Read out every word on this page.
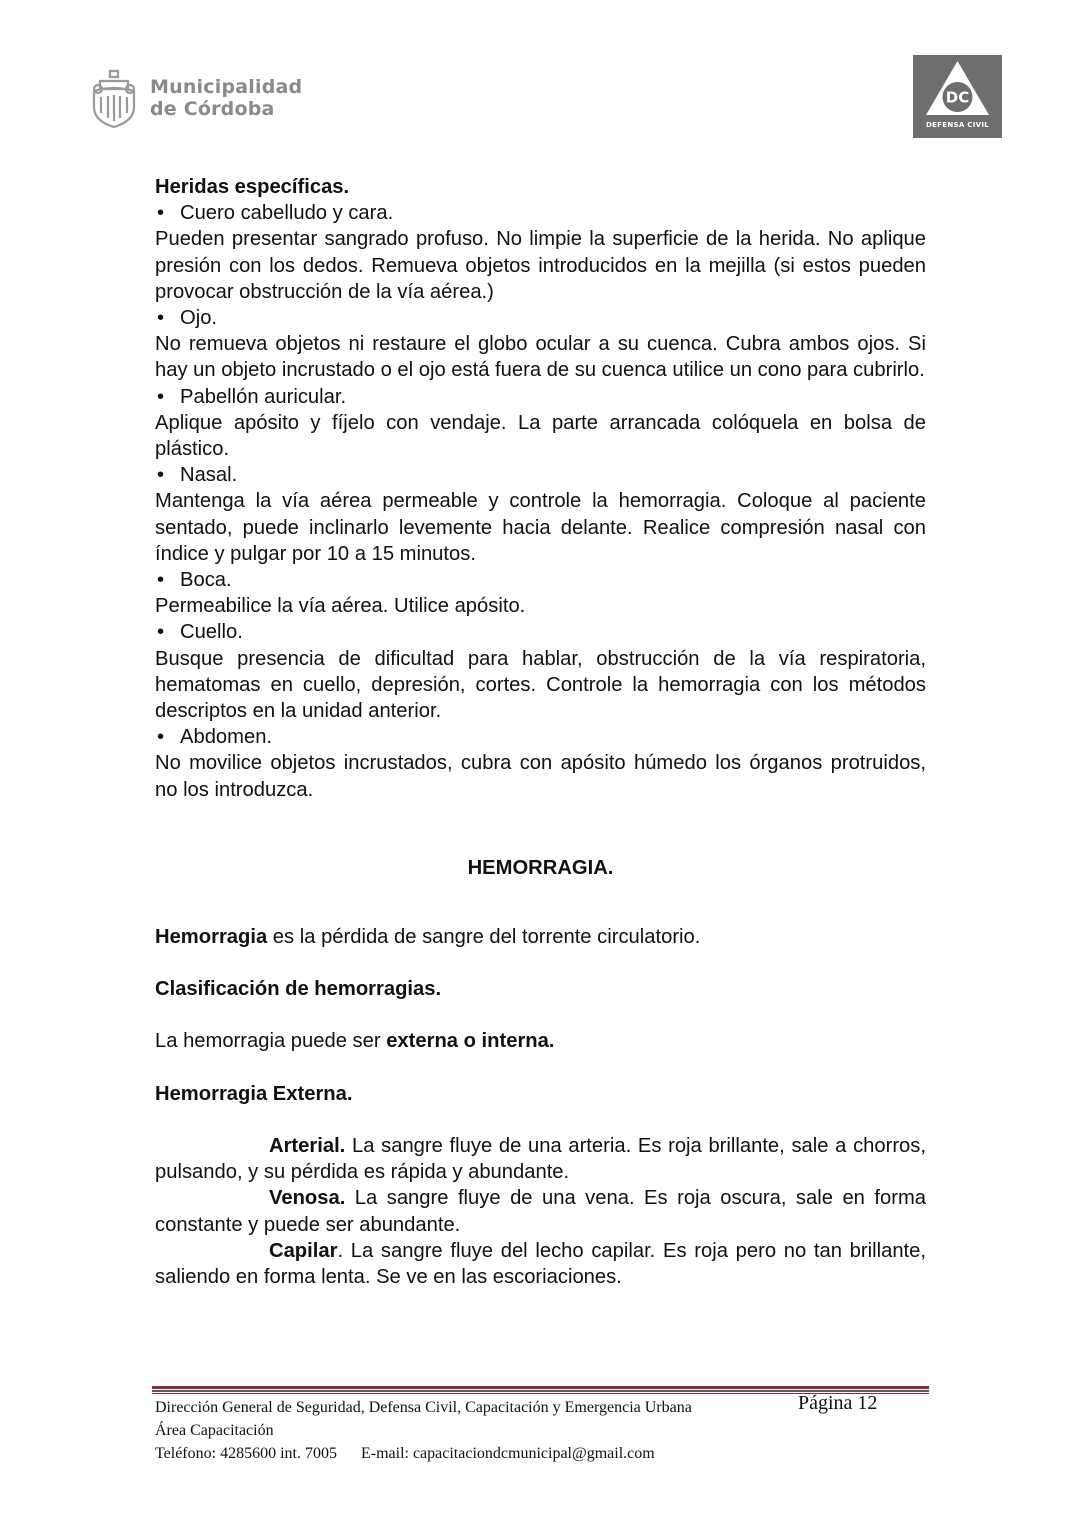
Municipalidad
de Córdoba
DC
DEFENSA CIVIL

Heridas específicas.

• Cuero cabelludo y cara.

Pueden presentar sangrado profuso. No limpie la superficie de la herida. No aplique presión con los dedos. Remueva objetos introducidos en la mejilla (si estos pueden provocar obstrucción de la vía aérea.)

• Ojo.

No remueva objetos ni restaure el globo ocular a su cuenca. Cubra ambos ojos. Si hay un objeto incrustado o el ojo está fuera de su cuenca utilice un cono para cubrirlo.

• Pabellón auricular.

Aplique apósito y fíjelo con vendaje. La parte arrancada colóquela en bolsa de plástico.

• Nasal.

Mantenga la vía aérea permeable y controle la hemorragia. Coloque al paciente sentado, puede inclinarlo levemente hacia delante. Realice compresión nasal con índice y pulgar por 10 a 15 minutos.

• Boca.

Permeabilice la vía aérea. Utilice apósito.

• Cuello.

Busque presencia de dificultad para hablar, obstrucción de la vía respiratoria, hematomas en cuello, depresión, cortes. Controle la hemorragia con los métodos descriptos en la unidad anterior.

• Abdomen.

No movilice objetos incrustados, cubra con apósito húmedo los órganos protruidos, no los introduzca.

HEMORRAGIA.

Hemorragia es la pérdida de sangre del torrente circulatorio.

Clasificación de hemorragias.

La hemorragia puede ser externa o interna.

Hemorragia Externa.

Arterial. La sangre fluye de una arteria. Es roja brillante, sale a chorros, pulsando, y su pérdida es rápida y abundante.

Venosa. La sangre fluye de una vena. Es roja oscura, sale en forma constante y puede ser abundante.

Capilar. La sangre fluye del lecho capilar. Es roja pero no tan brillante, saliendo en forma lenta. Se ve en las escoriaciones.

Dirección General de Seguridad, Defensa Civil, Capacitación y Emergencia Urbana	Página 12
Área Capacitación
Teléfono: 4285600 int. 7005 E-mail: capacitaciondcmunicipal@gmail.com
